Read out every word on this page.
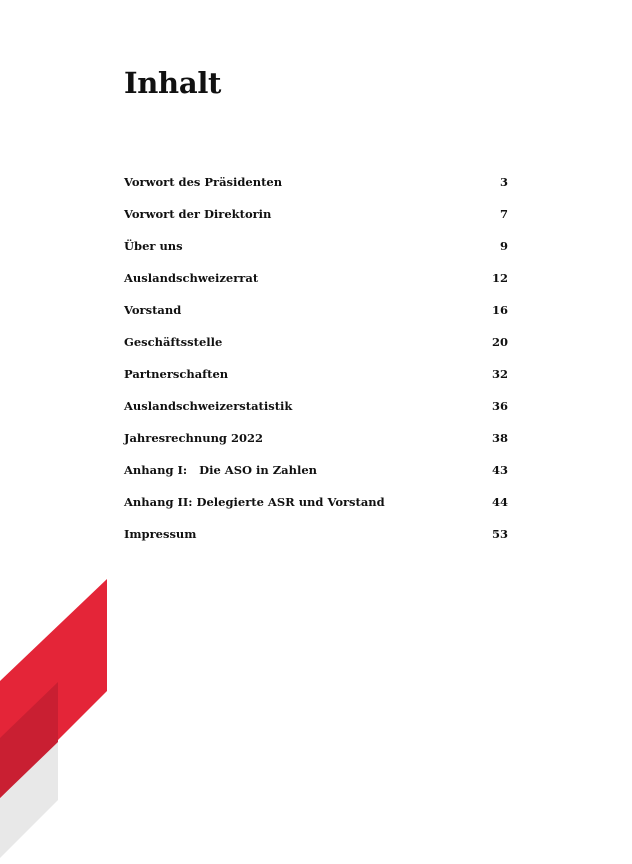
Inhalt
Vorwort des Präsidenten	3
Vorwort der Direktorin	7
Über uns	9
Auslandschweizerrat	12
Vorstand	16
Geschäftsstelle	20
Partnerschaften	32
Auslandschweizerstatistik	36
Jahresrechnung 2022	38
Anhang I:   Die ASO in Zahlen	43
Anhang II: Delegierte ASR und Vorstand	44
Impressum	53
